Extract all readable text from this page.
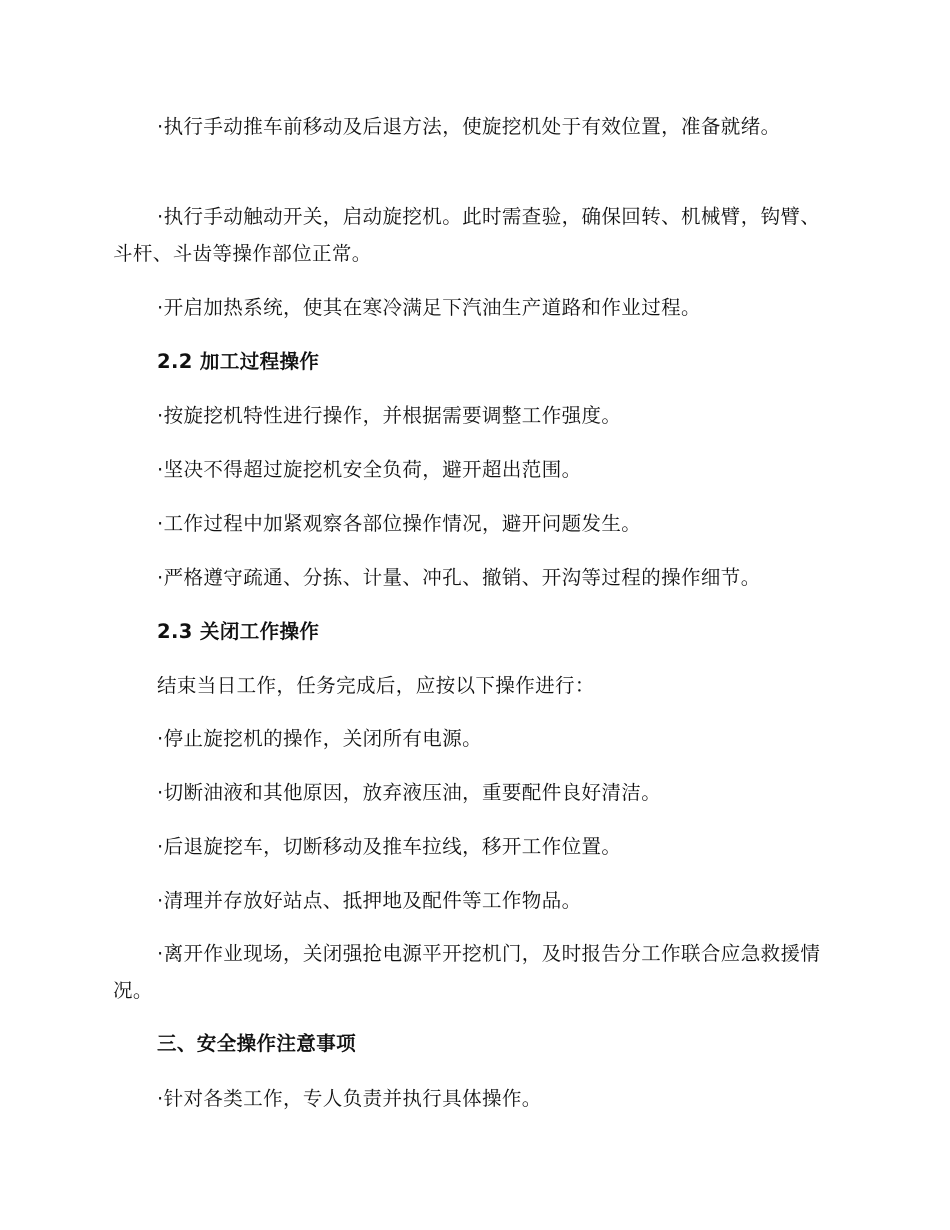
·执行手动推车前移动及后退方法，使旋挖机处于有效位置，准备就绪。

·执行手动触动开关，启动旋挖机。此时需查验，确保回转、机械臂，钩臂、斗杆、斗齿等操作部位正常。

·开启加热系统，使其在寒冷满足下汽油生产道路和作业过程。

2.2 加工过程操作

·按旋挖机特性进行操作，并根据需要调整工作强度。

·坚决不得超过旋挖机安全负荷，避开超出范围。

·工作过程中加紧观察各部位操作情况，避开问题发生。

·严格遵守疏通、分拣、计量、冲孔、撤销、开沟等过程的操作细节。

2.3 关闭工作操作

结束当日工作，任务完成后，应按以下操作进行：

·停止旋挖机的操作，关闭所有电源。

·切断油液和其他原因，放弃液压油，重要配件良好清洁。

·后退旋挖车，切断移动及推车拉线，移开工作位置。

·清理并存放好站点、抵押地及配件等工作物品。

·离开作业现场，关闭强抢电源平开挖机门，及时报告分工作联合应急救援情况。

三、安全操作注意事项

·针对各类工作，专人负责并执行具体操作。
